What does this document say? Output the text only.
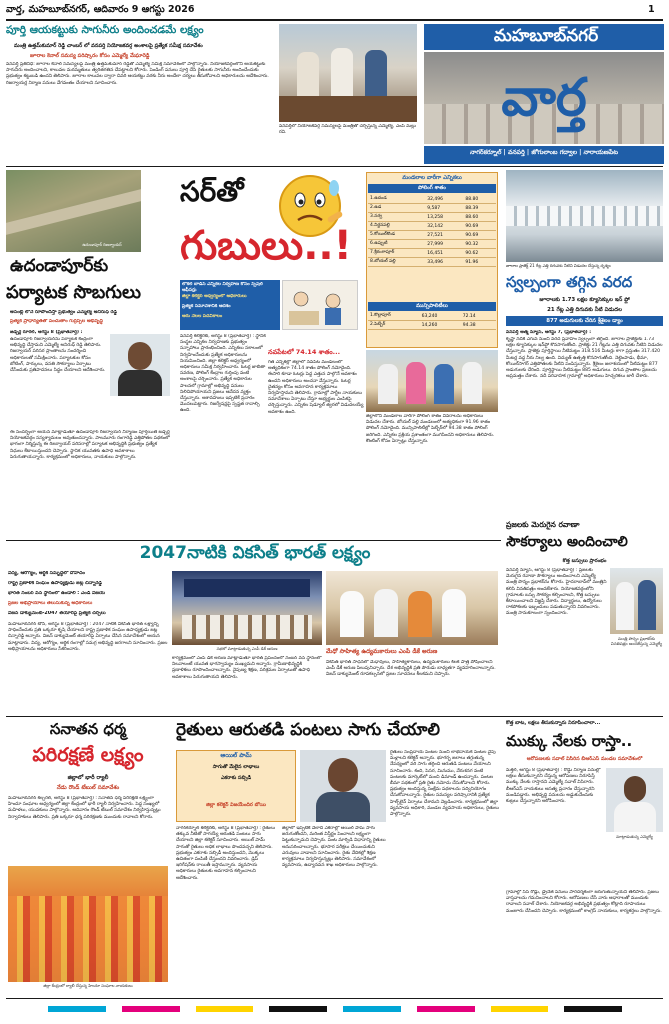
వార్త, మహబూబ్‌నగర్, ఆదివారం 9 ఆగస్టు 2026	1
పూర్తి ఆయకట్టుకు సాగునీరు అందించడమే లక్ష్యం
మంత్రి ఉత్తమ్‌కుమార్ రెడ్డి చాంబర్ లో వనపర్తి నియోజకవర్గ అంశాలపై ప్రత్యేక సమీక్ష సమావేశం
జూరాల కెనాల్ సమస్య పరిష్కారం కోసం ఎమ్మెల్యే మేఘారెడ్డి
వనపర్తి ప్రతినిధి: జూరాల కెనాల్ సమస్యలపై మంత్రి ఉత్తమ్‌కుమార్ రెడ్డితో ఎమ్మెల్యే సమీక్ష సమావేశంలో పాల్గొన్నారు. నియోజకవర్గంలోని ఆయకట్టుకు సాగునీరు అందించాలని, కాలువల మరమ్మతులు త్వరితగతిన చేపట్టాలని కోరారు. పెండింగ్ పనులు పూర్తి చేసి రైతులకు సాగునీరు అందించేందుకు ప్రభుత్వం కట్టుబడి ఉందని తెలిపారు. జూరాల కాలువల ద్వారా చివరి ఆయకట్టు వరకు నీరు అందేలా చర్యలు తీసుకోవాలని అధికారులను ఆదేశించారు. రిజర్వాయర్ల నిర్మాణ పనులు వేగవంతం చేయాలని సూచించారు.
వనపర్తిలో నియోజకవర్గ సమస్యలపై మంత్రితో చర్చిస్తున్న ఎమ్మెల్యే, ఎంపీ మల్లు రవి.
మహబూబ్‌నగర్
వార్త
నాగర్‌కర్నూల్ | వనపర్తి | జోగులాంబ గద్వాల | నారాయణపేట
ఉదండాపూర్ రిజర్వాయర్
ఉదండాపూర్‌కు
పర్యాటక సొబగులు
అసెంబ్లీ లోనే రూపొందిస్తా ప్రభుత్వం ఎమ్మెల్యే అనిరుధ్ రెడ్డి
ప్రత్యేక ప్రాధాన్యతతో పెంచుతాం గుర్రప్పల అభివృద్ధి
జడ్చర్ల రూరల్, ఆగస్టు 8 (ప్రభాతవార్త) :
ఉదండాపూర్ రిజర్వాయర్‌ను పర్యాటక కేంద్రంగా అభివృద్ధి చేస్తామని ఎమ్మెల్యే అనిరుధ్ రెడ్డి తెలిపారు. రిజర్వాయర్ పరిసర ప్రాంతాలను సందర్శించి అధికారులతో సమీక్షించారు. పర్యాటకుల కోసం బోటింగ్, పార్కులు, వసతి సౌకర్యాలు ఏర్పాటు చేసేందుకు ప్రతిపాదనలు సిద్ధం చేయాలని ఆదేశించారు.
ఈ సందర్భంగా ఆయన మాట్లాడుతూ ఉదండాపూర్ రిజర్వాయర్ నిర్మాణం పూర్తయితే జడ్చర్ల నియోజకవర్గం సస్యశ్యామలం అవుతుందన్నారు. పాలమూరు రంగారెడ్డి ఎత్తిపోతల పథకంలో భాగంగా నిర్మిస్తున్న ఈ రిజర్వాయర్ పరిసరాల్లో పర్యాటక అభివృద్ధికి ప్రభుత్వం ప్రత్యేక నిధులు కేటాయిస్తుందని చెప్పారు. స్థానిక యువతకు ఉపాధి అవకాశాలు పెరుగుతాయన్నారు. కార్యక్రమంలో అధికారులు, నాయకులు పాల్గొన్నారు.
సర్‌తో
గుబులు..!
లోకల్ బాడీస్ ఎన్నికల నిర్వహణ కోసం స్పెషల్ ఆఫీసర్లు
జిల్లా కలెక్టర్ ఆధ్వర్యంలో అధికారులు
ప్రత్యేక సమావేశానికి ఆదేశం
ఆరు నెలల పదవీకాలం
వనపర్తి కలెక్టరేట్, ఆగస్టు 8 (ప్రభాతవార్త) : స్థానిక సంస్థల ఎన్నికల నిర్వహణకు ప్రభుత్వం సన్నాహాలు ప్రారంభించింది. ఎన్నికలు సకాలంలో నిర్వహించేందుకు ప్రత్యేక అధికారులను నియమించింది. జిల్లా కలెక్టర్ ఆధ్వర్యంలో అధికారులు సమీక్ష నిర్వహించారు. ఓటర్ల జాబితా సవరణ, పోలింగ్ కేంద్రాల గుర్తింపు వంటి అంశాలపై చర్చించారు. ప్రత్యేక అధికారుల పాలనలో గ్రామాల్లో అభివృద్ధి పనులు నిలిచిపోయాయని ప్రజలు ఆవేదన వ్యక్తం చేస్తున్నారు. ఆశావహులు ఇప్పటికే ప్రచారం మొదలుపెట్టారు. రిజర్వేషన్లపై స్పష్టత రావాల్సి ఉంది.
నవపేటలో 74.14 శాతం...
గత ఎన్నికల్లో జిల్లాలో నవపేట మండలంలో అత్యధికంగా 74.14 శాతం పోలింగ్ నమోదైంది. ఈసారి కూడా ఓటర్లు పెద్ద ఎత్తున పాల్గొనే అవకాశం ఉందని అధికారులు అంచనా వేస్తున్నారు. ఓటర్ల చైతన్యం కోసం అవగాహన కార్యక్రమాలు నిర్వహిస్తామని తెలిపారు. గ్రామాల్లో పార్టీల నాయకులు సమావేశాలు ఏర్పాటు చేస్తూ అభ్యర్థుల ఎంపికపై చర్చిస్తున్నారు. ఎన్నికల షెడ్యూల్ త్వరలో విడుదలయ్యే అవకాశం ఉంది.
మండలాల వారీగా ఎన్నికలు
పోలింగ్ శాతం
1.ఉదండ	32,496	88.80
2.ఉడ	9,587	88.39
3.నర్వ	13,258	88.60
4.నిర్జనపల్లి	32,142	90.69
5.కోయిల్‌కొండ	27,521	90.69
6.ఉప్పుటి	27,999	90.32
7.శ్రీరంగాపూర్	16,451	90.62
8.బోయల్ పల్లి	33,496	91.96
మున్సిపాలిటీలు
1.కొల్లాపూర్	63,240	72.14
2.పెబ్బేర్	14,260	94.38
జిల్లాలోని మండలాల వారీగా పోలింగ్ శాతం వివరాలను అధికారులు విడుదల చేశారు. బోయల్ పల్లి మండలంలో అత్యధికంగా 91.96 శాతం పోలింగ్ నమోదైంది. మున్సిపాలిటీల్లో పెబ్బేర్‌లో 94.38 శాతం పోలింగ్ జరిగింది. ఎన్నికల ప్రక్రియ ప్రశాంతంగా ముగిసిందని అధికారులు తెలిపారు. కౌంటింగ్ కోసం ఏర్పాట్లు చేస్తున్నారు.
జూరాల ప్రాజెక్ట్ 21 గేట్ల ఎత్తి దిగువకు నీటిని విడుదల చేస్తున్న దృశ్యం
స్వల్పంగా తగ్గిన వరద
జూరాలకు 1.73 లక్షల క్యూసెక్కుల ఇన్ ఫ్లో
21 గేట్ల ఎత్తి దిగువకు నీటి విడుదల
877 అడుగులకు చేరిన శ్రీశైలం డ్యాం
వనపర్తి ఆత్మ న్యూస్, ఆగస్టు 7, (ప్రభాతవార్త) :
కృష్ణా నదికి ఎగువ నుంచి వరద ప్రవాహం స్వల్పంగా తగ్గింది. జూరాల ప్రాజెక్టుకు 1.73 లక్షల క్యూసెక్కుల ఇన్‌ఫ్లో కొనసాగుతోంది. ప్రాజెక్టు 21 గేట్లను ఎత్తి దిగువకు నీటిని విడుదల చేస్తున్నారు. ప్రాజెక్టు పూర్తిస్థాయి నీటిమట్టం 318.516 మీటర్లు కాగా ప్రస్తుతం 317.420 మీటర్ల వద్ద నీరు నిల్వ ఉంది. విద్యుత్ ఉత్పత్తి కొనసాగుతోంది. నెట్టెంపాడు, భీమా, కోయిల్‌సాగర్ ఎత్తిపోతలకు నీటిని పంపిస్తున్నారు. శ్రీశైలం జలాశయంలో నీటిమట్టం 877 అడుగులకు చేరింది. పూర్తిస్థాయి నీటిమట్టం 885 అడుగులు. దిగువ ప్రాంతాల ప్రజలను అప్రమత్తం చేశారు. నదీ పరివాహక గ్రామాల్లో అధికారులు హెచ్చరికలు జారీ చేశారు.
2047నాటికి వికసిత్ భారత్ లక్ష్యం
విద్య, ఆరోగ్యం, ఆర్థిక సమృద్ధిలో దోహదం
రాష్ట్ర ప్రణాళిక సంఘం ఉపాధ్యక్షుడు జట్ల చిన్నారెడ్డి
భారత్ నంబర్ వన్ స్థానంలో ఉండాలి : ఎండీ విజయ్‌
ప్రజల అభిప్రాయాలు తెలుసుకున్న అధికారులు
విజన్ డాక్యుమెంట్-2047 తయారీపై ప్రత్యేక చర్చలు
మహబూబ్‌నగర్ టౌన్, ఆగస్టు 8 (ప్రభాతవార్త) : 2047 నాటికి వికసిత్ భారత్ లక్ష్యాన్ని సాధించేందుకు ప్రతి ఒక్కరూ కృషి చేయాలని రాష్ట్ర ప్రణాళిక సంఘం ఉపాధ్యక్షుడు జట్ల చిన్నారెడ్డి అన్నారు. విజన్ డాక్యుమెంట్ తయారీపై ఏర్పాటు చేసిన సమావేశంలో ఆయన మాట్లాడారు. విద్య, ఆరోగ్యం, ఆర్థిక రంగాల్లో సమగ్ర అభివృద్ధి జరగాలని సూచించారు. ప్రజల అభిప్రాయాలను అధికారులు సేకరించారు.	సభలో మాట్లాడుతున్న ఎంపీ డికే అరుణ
కార్యక్రమంలో ఎంపీ డికే అరుణ మాట్లాడుతూ భారత్ ప్రపంచంలో నంబర్ వన్ స్థానంలో నిలవాలంటే యువత భాగస్వామ్యం ముఖ్యమని అన్నారు. గ్రామీణాభివృద్ధికి ప్రణాళికలు రూపొందించాలన్నారు. నైపుణ్య శిక్షణ, పరిశ్రమల ఏర్పాటుతో ఉపాధి అవకాశాలు పెరుగుతాయని తెలిపారు.
మేధో సాహిత్య ఉద్యమకారులు ఎంపీ డీకే అరుణ
వికసిత్ భారత్ సాధనలో మేధావులు, సాహిత్యకారులు, ఉద్యమకారులు కీలక పాత్ర పోషించాలని ఎంపీ డీకే అరుణ పిలుపునిచ్చారు. దేశ అభివృద్ధికి ప్రతి పౌరుడు బాధ్యతగా వ్యవహరించాలన్నారు. విజన్ డాక్యుమెంట్ రూపకల్పనలో ప్రజల సూచనలు కీలకమని చెప్పారు.
ప్రజలకు మెరుగైన రవాణా
సౌకర్యాలు అందించాలి
కొత్త బస్సులు ప్రారంభం
వనపర్తి న్యూస్, ఆగస్టు 8 (ప్రభాతవార్త) : ప్రజలకు మెరుగైన రవాణా సౌకర్యాలు అందించాలని ఎమ్మెల్యే మంత్రి పొన్నం ప్రభాకర్‌ను కోరారు. హైదరాబాద్‌లో మంత్రిని కలిసి వినతిపత్రం అందజేశారు. నియోజకవర్గంలోని గ్రామాలకు బస్సు సౌకర్యం కల్పించాలని, కొత్త బస్సులు కేటాయించాలని విజ్ఞప్తి చేశారు. విద్యార్థులు, ఉద్యోగులు రాకపోకలకు ఇబ్బందులు పడుతున్నారని వివరించారు. మంత్రి సానుకూలంగా స్పందించారు.
మంత్రి పొన్నం ప్రభాకర్‌కు వినతిపత్రం అందజేస్తున్న ఎమ్మెల్యే
సనాతన ధర్మ
పరిరక్షణే లక్ష్యం
జిల్లాలో భారీ ర్యాలీ
నేడు రౌండ్ టేబుల్ సమావేశం
మహబూబ్‌నగర్ కల్చరల్, ఆగస్టు 8 (ప్రభాతవార్త) : సనాతన ధర్మ పరిరక్షణే లక్ష్యంగా హిందూ సంఘాల ఆధ్వర్యంలో జిల్లా కేంద్రంలో భారీ ర్యాలీ నిర్వహించారు. పెద్ద సంఖ్యలో మహిళలు, యువకులు పాల్గొన్నారు. ఆదివారం రౌండ్ టేబుల్ సమావేశం నిర్వహిస్తున్నట్లు నిర్వాహకులు తెలిపారు. ప్రతి ఒక్కరూ ధర్మ పరిరక్షణకు ముందుకు రావాలని కోరారు.
జిల్లా కేంద్రంలో ర్యాలీ చేస్తున్న హిందూ సంఘాల నాయకులు
రైతులు ఆరుతడి పంటలు సాగు చేయాలి
ఆయిల్ పామ్
సాగుతో మేలైన లాభాలు
ఎకరాకు సబ్సిడీ
జిల్లా కలెక్టర్ విజయేందిర బోయి
నాగర్‌కర్నూల్ కలెక్టరేట్, ఆగస్టు 8 (ప్రభాతవార్త) : రైతులు తక్కువ నీటితో సాగయ్యే ఆరుతడి పంటలు సాగు చేయాలని జిల్లా కలెక్టర్ సూచించారు. ఆయిల్ పామ్ సాగుతో రైతులు అధిక లాభాలు పొందవచ్చని తెలిపారు. ప్రభుత్వం ఎకరాకు సబ్సిడీ అందిస్తుందని, మొక్కలు ఉచితంగా పంపిణీ చేస్తుందని వివరించారు. డ్రిప్ ఇరిగేషన్‌కు రాయితీ ఇస్తామన్నారు. వ్యవసాయ అధికారులు రైతులకు అవగాహన కల్పించాలని ఆదేశించారు.
జిల్లాలో ఇప్పటికే వేలాది ఎకరాల్లో ఆయిల్ పామ్ సాగు జరుగుతోందని, మరింత విస్తీర్ణం పెంచాలని లక్ష్యంగా పెట్టుకున్నామని చెప్పారు. పంట మార్పిడి విధానాన్ని రైతులు అనుసరించాలన్నారు. భూసార పరీక్షలు చేయించుకుని ఎరువులు వాడాలని సూచించారు. రైతు వేదికల్లో శిక్షణ కార్యక్రమాలు నిర్వహిస్తున్నట్లు తెలిపారు. సమావేశంలో వ్యవసాయ, ఉద్యానవన శాఖ అధికారులు పాల్గొన్నారు.
రైతులు సంప్రదాయ పంటల నుంచి లాభదాయక పంటల వైపు మళ్లాలని కలెక్టర్ అన్నారు. భూగర్భ జలాలు తగ్గుతున్న నేపథ్యంలో వరి సాగు తగ్గించి ఆరుతడి పంటలు వేయాలని సూచించారు. కంది, పెసర, మినుము, వేరుశనగ వంటి పంటలకు మార్కెట్‌లో మంచి డిమాండ్ ఉందన్నారు. పంటల బీమా పథకంలో ప్రతి రైతు నమోదు చేసుకోవాలని కోరారు. ప్రభుత్వం అందిస్తున్న సంక్షేమ పథకాలను సద్వినియోగం చేసుకోవాలన్నారు. రైతుల సమస్యల పరిష్కారానికి ప్రత్యేక హెల్ప్‌లైన్ ఏర్పాటు చేశామని వెల్లడించారు. కార్యక్రమంలో జిల్లా వ్యవసాయ అధికారి, మండల వ్యవసాయ అధికారులు, రైతులు పాల్గొన్నారు.
కొత్త బాట, లక్షలు తీసుకున్నారు నిరూపించాలా...
ముక్కు నేలకు రాస్తా..
ఆరోపణలకు సవాల్ విసిరిన బీఆర్ఎస్ మండల సమావేశంలో
మక్తల్, ఆగస్టు 8 (ప్రభాతవార్త) : రోడ్డు నిర్మాణ పనుల్లో లక్షలు తీసుకున్నారని చేస్తున్న ఆరోపణలు నిరూపిస్తే ముక్కు నేలకు రాస్తానని ఎమ్మెల్యే సవాల్ విసిరారు. బీఆర్ఎస్ నాయకులు అసత్య ప్రచారం చేస్తున్నారని మండిపడ్డారు. అభివృద్ధి పనులను అడ్డుకునేందుకు కుట్రలు చేస్తున్నారని ఆరోపించారు.
మాట్లాడుతున్న ఎమ్మెల్యే
గ్రామాల్లో సీసీ రోడ్లు, డ్రైనేజీ పనులు పారదర్శకంగా జరుగుతున్నాయని తెలిపారు. ప్రజలు వాస్తవాలను గమనించాలని కోరారు. ఆరోపణలు చేసే వారు ఆధారాలతో ముందుకు రావాలని సవాల్ చేశారు. నియోజకవర్గ అభివృద్ధికి ప్రభుత్వం కోట్లాది రూపాయలు మంజూరు చేసిందని చెప్పారు. కార్యక్రమంలో కాంగ్రెస్ నాయకులు, కార్యకర్తలు పాల్గొన్నారు.
